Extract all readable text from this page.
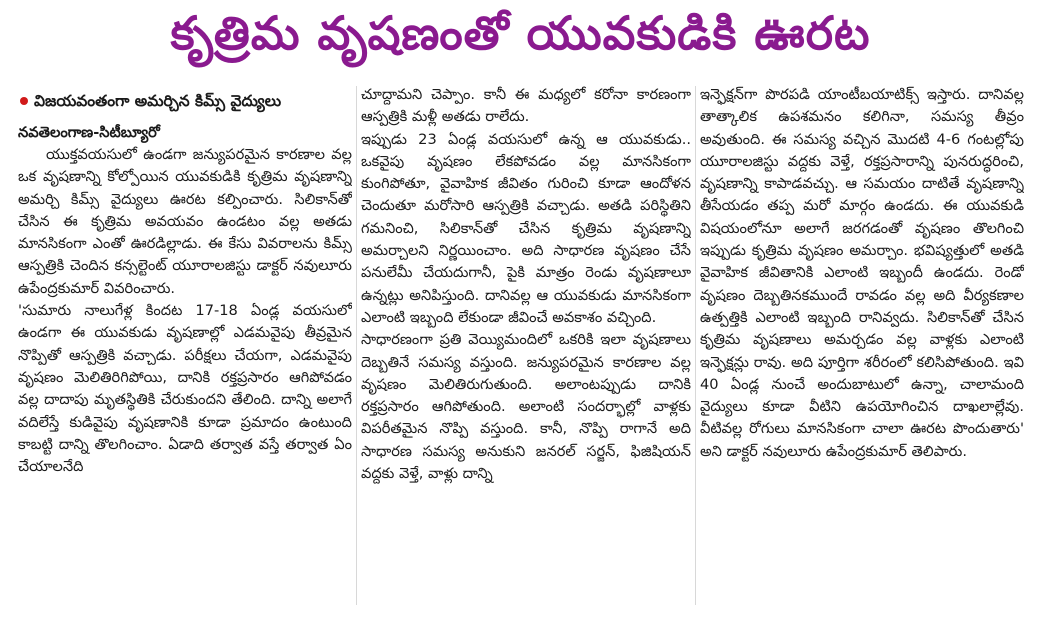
కృత్రిమ వృషణంతో యువకుడికి ఊరట
విజయవంతంగా అమర్చిన కిమ్స్‌ వైద్యులు
నవతెలంగాణ-సిటీబ్యూరో

యుక్తవయసులో ఉండగా జన్యుపరమైన కారణాల వల్ల ఒక వృషణాన్ని కోల్పోయిన యువకుడికి కృత్రిమ వృషణాన్ని అమర్చి కిమ్స్‌ వైద్యులు ఊరట కల్పించారు. సిలికాన్‌తో చేసిన ఈ కృత్రిమ అవయవం ఉండటం వల్ల అతడు మానసికంగా ఎంతో ఊరడిల్లాడు. ఈ కేసు వివరాలను కిమ్స్‌ ఆస్పత్రికి చెందిన కన్సల్టెంట్‌ యూరాలజిస్టు డాక్టర్‌ నవులూరు ఉపేంద్రకుమార్‌ వివరించారు.

'సుమారు నాలుగేళ్ల కిందట 17-18 ఏండ్ల వయసులో ఉండగా ఈ యువకుడు వృషణాల్లో ఎడమవైపు తీవ్రమైన నొప్పితో ఆస్పత్రికి వచ్చాడు. పరీక్షలు చేయగా, ఎడమవైపు వృషణం మెలితిరిగిపోయి, దానికి రక్తప్రసారం ఆగిపోవడం వల్ల దాదాపు మృతస్థితికి చేరుకుందని తేలింది. దాన్ని అలాగే వదిలేస్తే కుడివైపు వృషణానికి కూడా ప్రమాదం ఉంటుంది కాబట్టి దాన్ని తొలగించాం. ఏడాది తర్వాత వస్తే తర్వాత ఏం చేయాలనేది

చూద్దామని చెప్పాం. కానీ ఈ మధ్యలో కరోనా కారణంగా ఆస్పత్రికి మళ్లీ అతడు రాలేదు.

ఇప్పుడు 23 ఏండ్ల వయసులో ఉన్న ఆ యువకుడు.. ఒకవైపు వృషణం లేకపోవడం వల్ల మానసికంగా కుంగిపోతూ, వైవాహిక జీవితం గురించి కూడా ఆందోళన చెందుతూ మరోసారి ఆస్పత్రికి వచ్చాడు. అతడి పరిస్థితిని గమనించి, సిలికాన్‌తో చేసిన కృత్రిమ వృషణాన్ని అమర్చాలని నిర్ణయించాం. అది సాధారణ వృషణం చేసే పనులేమీ చేయదుగానీ, పైకి మాత్రం రెండు వృషణాలూ ఉన్నట్లు అనిపిస్తుంది. దానివల్ల ఆ యువకుడు మానసికంగా ఎలాంటి ఇబ్బంది లేకుండా జీవించే అవకాశం వచ్చింది.

సాధారణంగా ప్రతి వెయ్యిమందిలో ఒకరికి ఇలా వృషణాలు దెబ్బతినే సమస్య వస్తుంది. జన్యుపరమైన కారణాల వల్ల వృషణం మెలితిరుగుతుంది. అలాంటప్పుడు దానికి రక్తప్రసారం ఆగిపోతుంది. అలాంటి సందర్భాల్లో వాళ్లకు విపరీతమైన నొప్పి వస్తుంది. కానీ, నొప్పి రాగానే అది సాధారణ సమస్య అనుకుని జనరల్‌ సర్జన్‌, ఫిజిషియన్‌ వద్దకు వెళ్తే, వాళ్లు దాన్ని

ఇన్ఫెక్షన్‌గా పొరపడి యాంటీబయాటిక్స్‌ ఇస్తారు. దానివల్ల తాత్కాలిక ఉపశమనం కలిగినా, సమస్య తీవ్రం అవుతుంది. ఈ సమస్య వచ్చిన మొదటి 4-6 గంటల్లోపు యూరాలజిస్టు వద్దకు వెళ్తే, రక్తప్రసారాన్ని పునరుద్ధరించి, వృషణాన్ని కాపాడవచ్చు. ఆ సమయం దాటితే వృషణాన్ని తీసేయడం తప్ప మరో మార్గం ఉండదు. ఈ యువకుడి విషయంలోనూ అలాగే జరగడంతో వృషణం తొలగించి ఇప్పుడు కృత్రిమ వృషణం అమర్చాం. భవిష్యత్తులో అతడి వైవాహిక జీవితానికి ఎలాంటి ఇబ్బందీ ఉండదు. రెండో వృషణం దెబ్బతినకముందే రావడం వల్ల అది వీర్యకణాల ఉత్పత్తికి ఎలాంటి ఇబ్బంది రానివ్వదు. సిలికాన్‌తో చేసిన కృత్రిమ వృషణాలు అమర్చడం వల్ల వాళ్లకు ఎలాంటి ఇన్ఫెక్షన్లు రావు. అది పూర్తిగా శరీరంలో కలిసిపోతుంది. ఇవి 40 ఏండ్ల నుంచే అందుబాటులో ఉన్నా, చాలామంది వైద్యులు కూడా వీటిని ఉపయోగించిన దాఖలాల్లేవు. వీటివల్ల రోగులు మానసికంగా చాలా ఊరట పొందుతారు' అని డాక్టర్‌ నవులూరు ఉపేంద్రకుమార్‌ తెలిపారు.
